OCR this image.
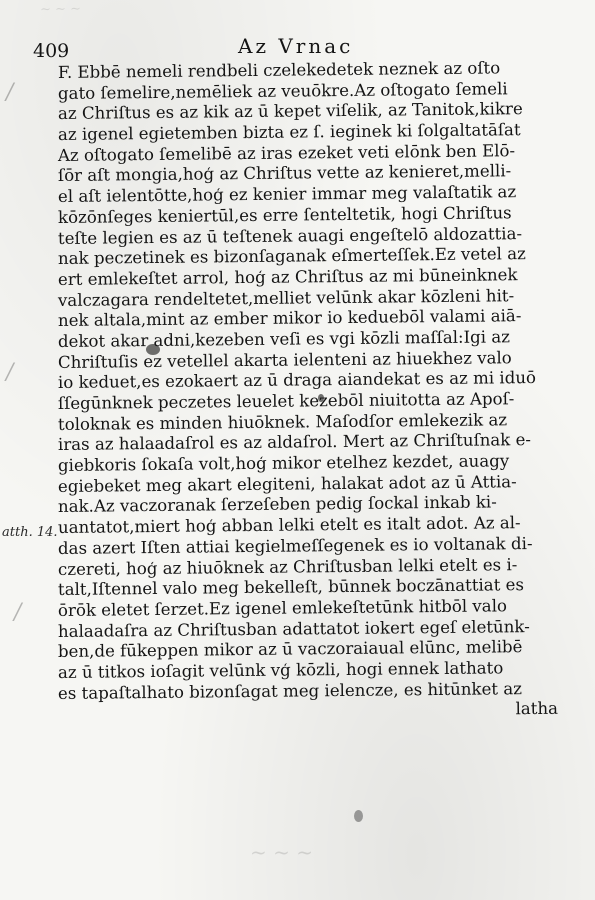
~ ~ ~
~ ~ ~
409	Az Vrnac
/
/
/
atth. 14.
F. Ebbē nemeli rendbeli czelekedetek neznek az oſto
gato ſemelire,nemēliek az veuōkre.Az oſtogato ſemeli
az Chriſtus es az kik az ū kepet viſelik, az Tanitok,kikre
az igenel egietemben bizta ez ſ. ieginek ki ſolgaltatāſat
Az oſtogato ſemelibē az iras ezeket veti elōnk ben Elō-
ſōr aſt mongia,hoģ az Chriſtus vette az kenieret,melli-
el aſt ielentōtte,hoģ ez kenier immar meg valaſtatik az
kōzōnſeges keniertūl,es erre ſenteltetik, hogi Chriſtus
teſte legien es az ū teſtenek auagi engeſtelō aldozattia-
nak peczetinek es bizonſaganak eſmerteſſek.Ez vetel az
ert emlekeſtet arrol, hoģ az Chriſtus az mi būneinknek
valczagara rendeltetet,melliet velūnk akar kōzleni hit-
nek altala,mint az ember mikor io keduebōl valami aiā-
dekot akar adni,kezeben veſi es vgi kōzli maſſal:Igi az
Chriſtuſis ez vetellel akarta ielenteni az hiuekhez valo
io keduet,es ezokaert az ū draga aiandekat es az mi iduō
ſſegūnknek peczetes leuelet kezebōl niuitotta az Apoſ-
toloknak es minden hiuōknek. Maſodſor emlekezik az
iras az halaadaſrol es az aldaſrol. Mert az Chriſtuſnak e-
giebkoris ſokaſa volt,hoģ mikor etelhez kezdet, auagy
egiebeket meg akart elegiteni, halakat adot az ū Attia-
nak.Az vaczoranak ſerzeſeben pedig ſockal inkab ki-
uantatot,miert hoģ abban lelki etelt es italt adot. Az al-
das azert Iſten attiai kegielmeſſegenek es io voltanak di-
czereti, hoģ az hiuōknek az Chriſtusban lelki etelt es i-
talt,Iſtennel valo meg bekelleſt, būnnek boczānattiat es
ōrōk eletet ſerzet.Ez igenel emlekeſtetūnk hitbōl valo
halaadaſra az Chriſtusban adattatot iokert egeſ eletūnk-
ben,de fūkeppen mikor az ū vaczoraiaual elūnc, melibē
az ū titkos ioſagit velūnk vģ kōzli, hogi ennek lathato
es tapaſtalhato bizonſagat meg ielencze, es hitūnket az
latha
